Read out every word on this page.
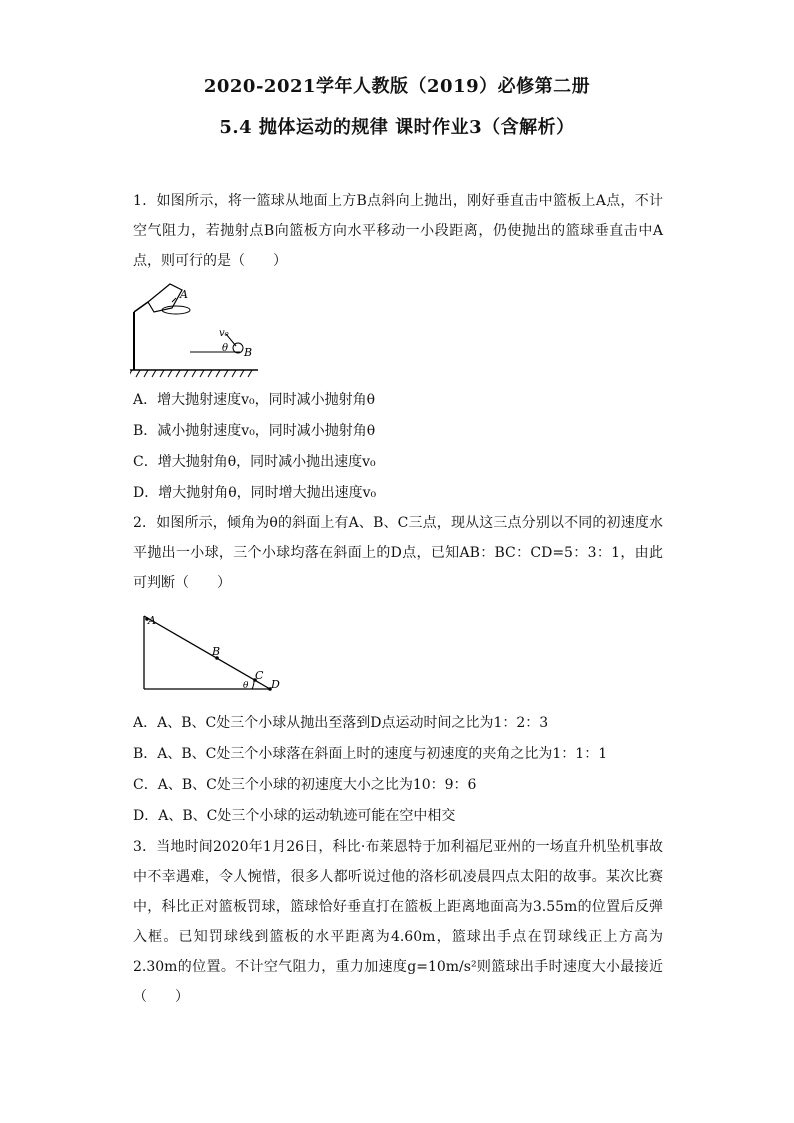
2020-2021学年人教版（2019）必修第二册
5.4 抛体运动的规律 课时作业3（含解析）
1．如图所示，将一篮球从地面上方B点斜向上抛出，刚好垂直击中篮板上A点，不计空气阻力，若抛射点B向篮板方向水平移动一小段距离，仍使抛出的篮球垂直击中A点，则可行的是（　　）
A
v₀
θ B
A．增大抛射速度v₀，同时减小抛射角θ
B．减小抛射速度v₀，同时减小抛射角θ
C．增大抛射角θ，同时减小抛出速度v₀
D．增大抛射角θ，同时增大抛出速度v₀
2．如图所示，倾角为θ的斜面上有A、B、C三点，现从这三点分别以不同的初速度水平抛出一小球，三个小球均落在斜面上的D点，已知AB：BC：CD=5：3：1，由此可判断（　　）
A
B
C
D
θ
A．A、B、C处三个小球从抛出至落到D点运动时间之比为1：2：3
B．A、B、C处三个小球落在斜面上时的速度与初速度的夹角之比为1：1：1
C．A、B、C处三个小球的初速度大小之比为10：9：6
D．A、B、C处三个小球的运动轨迹可能在空中相交
3．当地时间2020年1月26日，科比·布莱恩特于加利福尼亚州的一场直升机坠机事故中不幸遇难，令人惋惜，很多人都听说过他的洛杉矶凌晨四点太阳的故事。某次比赛中，科比正对篮板罚球，篮球恰好垂直打在篮板上距离地面高为3.55m的位置后反弹入框。已知罚球线到篮板的水平距离为4.60m，篮球出手点在罚球线正上方高为2.30m的位置。不计空气阻力，重力加速度g=10m/s²则篮球出手时速度大小最接近（　　）
